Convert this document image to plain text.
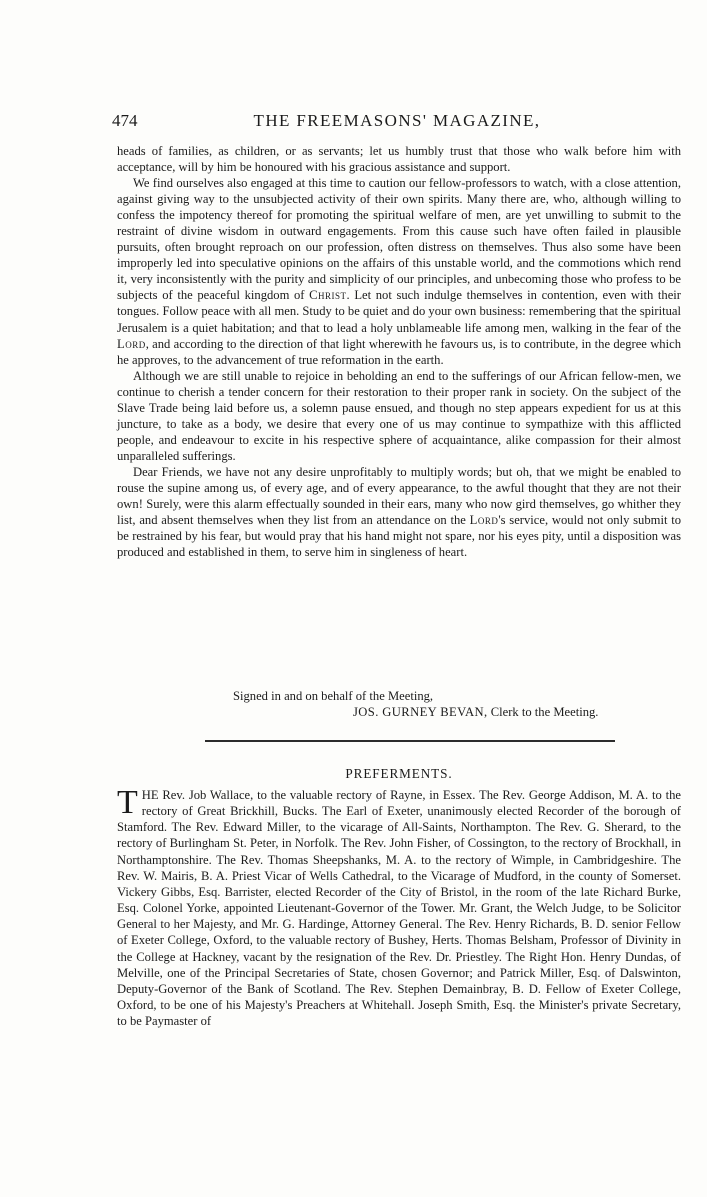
474	THE FREEMASONS' MAGAZINE,

heads of families, as children, or as servants; let us humbly trust that those who walk before him with acceptance, will by him be honoured with his gracious assistance and support.

We find ourselves also engaged at this time to caution our fellow-professors to watch, with a close attention, against giving way to the unsubjected activity of their own spirits. Many there are, who, although willing to confess the impotency thereof for promoting the spiritual welfare of men, are yet unwilling to submit to the restraint of divine wisdom in outward engagements. From this cause such have often failed in plausible pursuits, often brought reproach on our profession, often distress on themselves. Thus also some have been improperly led into speculative opinions on the affairs of this unstable world, and the commotions which rend it, very inconsistently with the purity and simplicity of our principles, and unbecoming those who profess to be subjects of the peaceful kingdom of Christ. Let not such indulge themselves in contention, even with their tongues. Follow peace with all men. Study to be quiet and do your own business: remembering that the spiritual Jerusalem is a quiet habitation; and that to lead a holy unblameable life among men, walking in the fear of the Lord, and according to the direction of that light wherewith he favours us, is to contribute, in the degree which he approves, to the advancement of true reformation in the earth.

Although we are still unable to rejoice in beholding an end to the sufferings of our African fellow-men, we continue to cherish a tender concern for their restoration to their proper rank in society. On the subject of the Slave Trade being laid before us, a solemn pause ensued, and though no step appears expedient for us at this juncture, to take as a body, we desire that every one of us may continue to sympathize with this afflicted people, and endeavour to excite in his respective sphere of acquaintance, alike compassion for their almost unparalleled sufferings.

Dear Friends, we have not any desire unprofitably to multiply words; but oh, that we might be enabled to rouse the supine among us, of every age, and of every appearance, to the awful thought that they are not their own! Surely, were this alarm effectually sounded in their ears, many who now gird themselves, go whither they list, and absent themselves when they list from an attendance on the Lord's service, would not only submit to be restrained by his fear, but would pray that his hand might not spare, nor his eyes pity, until a disposition was produced and established in them, to serve him in singleness of heart.

Signed in and on behalf of the Meeting,
JOS. GURNEY BEVAN, Clerk to the Meeting.
PREFERMENTS.
THE Rev. Job Wallace, to the valuable rectory of Rayne, in Essex. The Rev. George Addison, M. A. to the rectory of Great Brickhill, Bucks. The Earl of Exeter, unanimously elected Recorder of the borough of Stamford. The Rev. Edward Miller, to the vicarage of All-Saints, Northampton. The Rev. G. Sherard, to the rectory of Burlingham St. Peter, in Norfolk. The Rev. John Fisher, of Cossington, to the rectory of Brockhall, in Northamptonshire. The Rev. Thomas Sheepshanks, M. A. to the rectory of Wimple, in Cambridgeshire. The Rev. W. Mairis, B. A. Priest Vicar of Wells Cathedral, to the Vicarage of Mudford, in the county of Somerset. Vickery Gibbs, Esq. Barrister, elected Recorder of the City of Bristol, in the room of the late Richard Burke, Esq. Colonel Yorke, appointed Lieutenant-Governor of the Tower. Mr. Grant, the Welch Judge, to be Solicitor General to her Majesty, and Mr. G. Hardinge, Attorney General. The Rev. Henry Richards, B. D. senior Fellow of Exeter College, Oxford, to the valuable rectory of Bushey, Herts. Thomas Belsham, Professor of Divinity in the College at Hackney, vacant by the resignation of the Rev. Dr. Priestley. The Right Hon. Henry Dundas, of Melville, one of the Principal Secretaries of State, chosen Governor; and Patrick Miller, Esq. of Dalswinton, Deputy-Governor of the Bank of Scotland. The Rev. Stephen Demainbray, B. D. Fellow of Exeter College, Oxford, to be one of his Majesty's Preachers at Whitehall. Joseph Smith, Esq. the Minister's private Secretary, to be Paymaster of
